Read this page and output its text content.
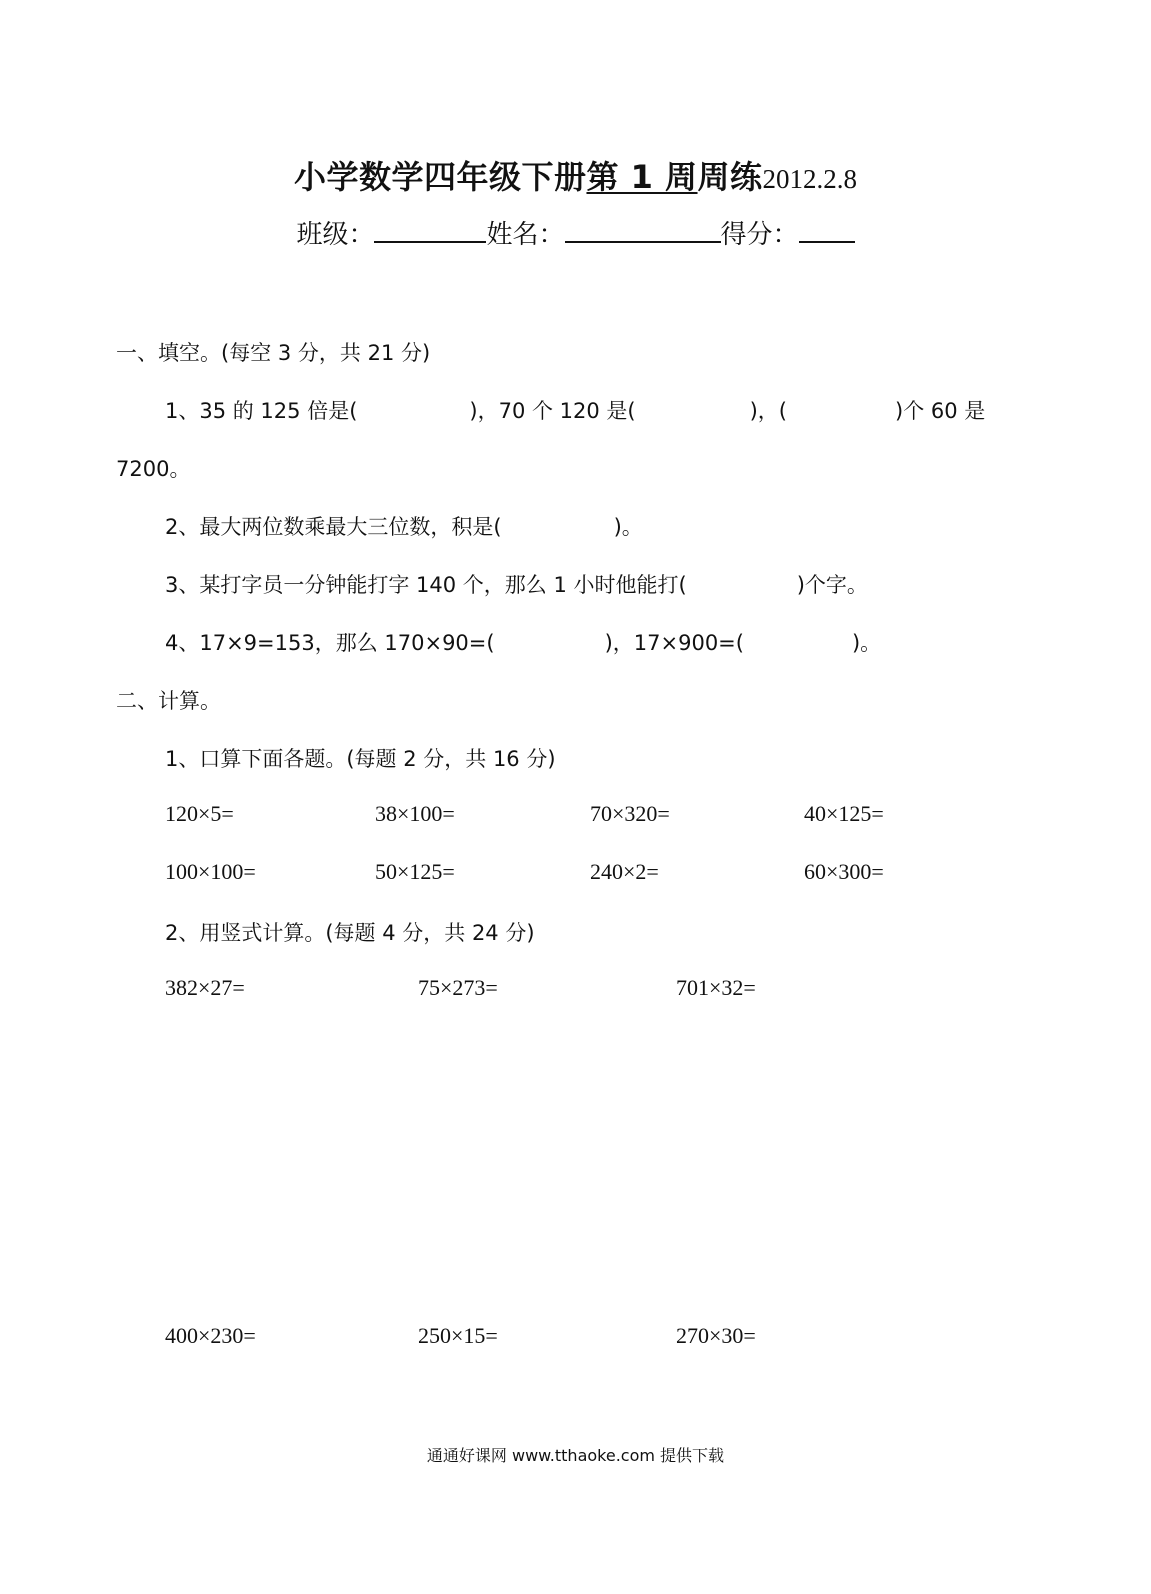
小学数学四年级下册第 1 周周练2012.2.8
班级：	姓名：	得分：
一、填空。(每空 3 分，共 21 分)
1、35 的 125 倍是(	)，70 个 120 是(	)，(	)个 60 是
7200。
2、最大两位数乘最大三位数，积是(	)。
3、某打字员一分钟能打字 140 个，那么 1 小时他能打(	)个字。
4、17×9=153，那么 170×90=(	)，17×900=(	)。
二、计算。
1、口算下面各题。(每题 2 分，共 16 分)
120×5=	38×100=	70×320=	40×125=
100×100=	50×125=	240×2=	60×300=
2、用竖式计算。(每题 4 分，共 24 分)
382×27=	75×273=	701×32=
400×230=	250×15=	270×30=
通通好课网 www.tthaoke.com 提供下载
